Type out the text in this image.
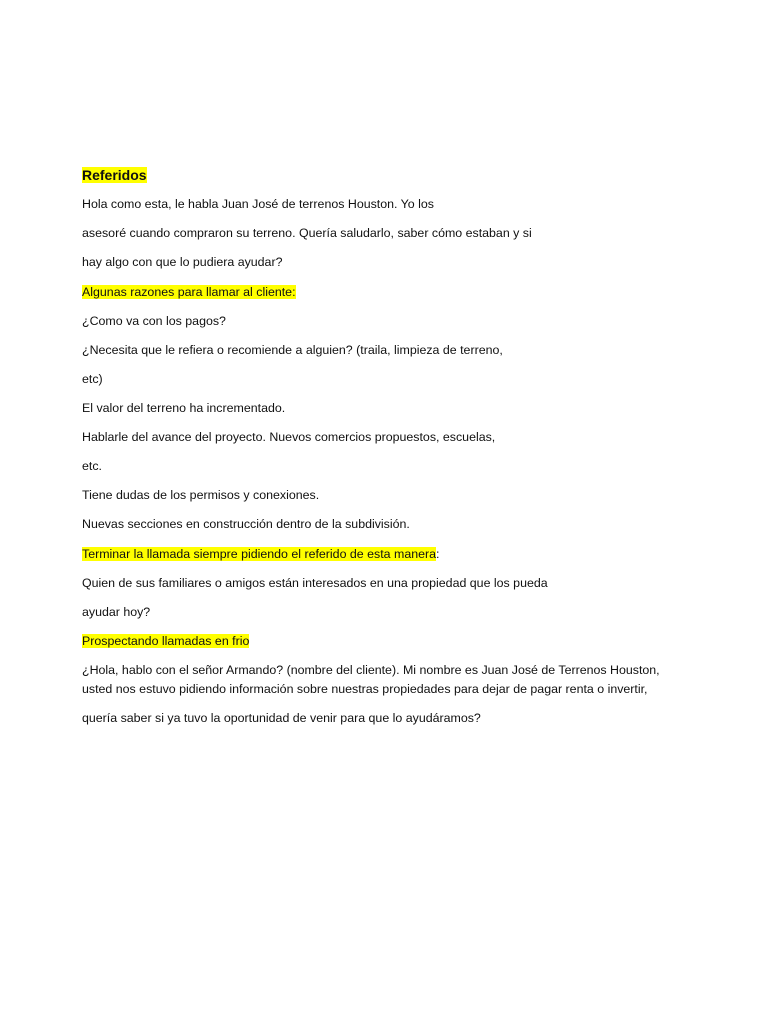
Referidos
Hola como esta, le habla Juan José de terrenos Houston. Yo los
asesoré cuando compraron su terreno. Quería saludarlo, saber cómo estaban y si
hay algo con que lo pudiera ayudar?
Algunas razones para llamar al cliente:
¿Como va con los pagos?
¿Necesita que le refiera o recomiende a alguien? (traila, limpieza de terreno,
etc)
El valor del terreno ha incrementado.
Hablarle del avance del proyecto. Nuevos comercios propuestos, escuelas,
etc.
Tiene dudas de los permisos y conexiones.
Nuevas secciones en construcción dentro de la subdivisión.
Terminar la llamada siempre pidiendo el referido de esta manera:
Quien de sus familiares o amigos están interesados en una propiedad que los pueda
ayudar hoy?
Prospectando llamadas en frio
¿Hola, hablo con el señor Armando? (nombre del cliente). Mi nombre es Juan José de Terrenos Houston,
usted nos estuvo pidiendo información sobre nuestras propiedades para dejar de pagar renta o invertir,
quería saber si ya tuvo la oportunidad de venir para que lo ayudáramos?
